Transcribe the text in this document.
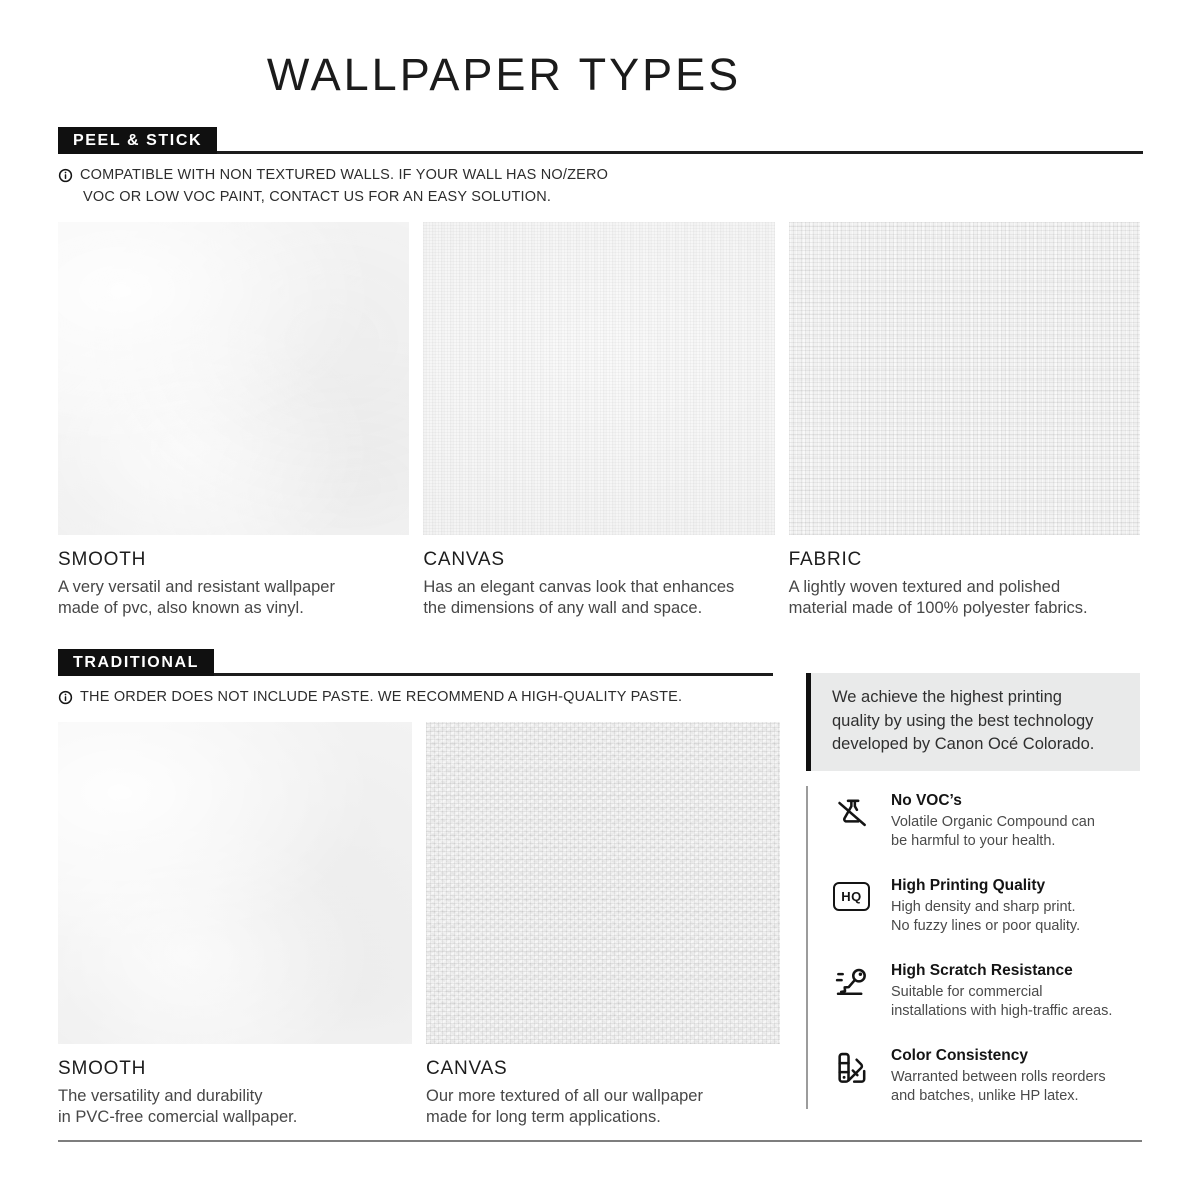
WALLPAPER TYPES
PEEL & STICK
COMPATIBLE WITH NON TEXTURED WALLS. IF YOUR WALL HAS NO/ZERO
VOC OR LOW VOC PAINT, CONTACT US FOR AN EASY SOLUTION.
SMOOTH
A very versatil and resistant wallpaper
made of pvc, also known as vinyl.
CANVAS
Has an elegant canvas look that enhances
the dimensions of any wall and space.
FABRIC
A lightly woven textured and polished
material made of 100% polyester fabrics.
TRADITIONAL
THE ORDER DOES NOT INCLUDE PASTE. WE RECOMMEND A HIGH-QUALITY PASTE.
SMOOTH
The versatility and durability
in PVC-free comercial wallpaper.
CANVAS
Our more textured of all our wallpaper
made for long term applications.
We achieve the highest printing
quality by using the best technology
developed by Canon Océ Colorado.
No VOC’s
Volatile Organic Compound can
be harmful to your health.
HQ
High Printing Quality
High density and sharp print.
No fuzzy lines or poor quality.
High Scratch Resistance
Suitable for commercial
installations with high-traffic areas.
Color Consistency
Warranted between rolls reorders
and batches, unlike HP latex.
